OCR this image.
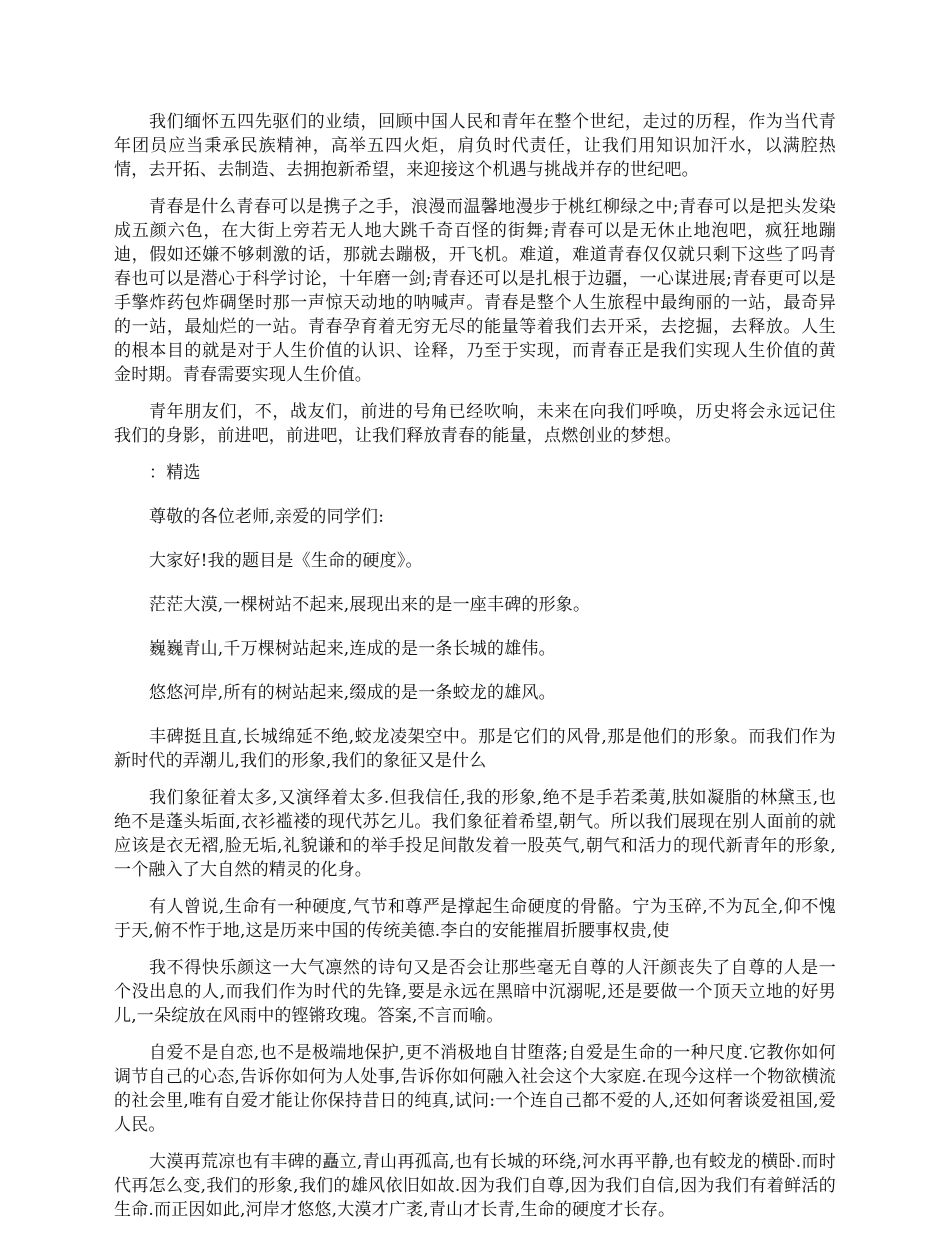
我们缅怀五四先驱们的业绩，回顾中国人民和青年在整个世纪，走过的历程，作为当代青年团员应当秉承民族精神，高举五四火炬，肩负时代责任，让我们用知识加汗水，以满腔热情，去开拓、去制造、去拥抱新希望，来迎接这个机遇与挑战并存的世纪吧。

青春是什么青春可以是携子之手，浪漫而温馨地漫步于桃红柳绿之中;青春可以是把头发染成五颜六色，在大街上旁若无人地大跳千奇百怪的街舞;青春可以是无休止地泡吧，疯狂地蹦迪，假如还嫌不够刺激的话，那就去蹦极，开飞机。难道，难道青春仅仅就只剩下这些了吗青春也可以是潜心于科学讨论，十年磨一剑;青春还可以是扎根于边疆，一心谋进展;青春更可以是手擎炸药包炸碉堡时那一声惊天动地的呐喊声。青春是整个人生旅程中最绚丽的一站，最奇异的一站，最灿烂的一站。青春孕育着无穷无尽的能量等着我们去开采，去挖掘，去释放。人生的根本目的就是对于人生价值的认识、诠释，乃至于实现，而青春正是我们实现人生价值的黄金时期。青春需要实现人生价值。

青年朋友们，不，战友们，前进的号角已经吹响，未来在向我们呼唤，历史将会永远记住我们的身影，前进吧，前进吧，让我们释放青春的能量，点燃创业的梦想。

：精选

尊敬的各位老师,亲爱的同学们:

大家好!我的题目是《生命的硬度》。

茫茫大漠,一棵树站不起来,展现出来的是一座丰碑的形象。

巍巍青山,千万棵树站起来,连成的是一条长城的雄伟。

悠悠河岸,所有的树站起来,缀成的是一条蛟龙的雄风。

丰碑挺且直,长城绵延不绝,蛟龙凌架空中。那是它们的风骨,那是他们的形象。而我们作为新时代的弄潮儿,我们的形象,我们的象征又是什么

我们象征着太多,又演绎着太多.但我信任,我的形象,绝不是手若柔荑,肤如凝脂的林黛玉,也绝不是蓬头垢面,衣衫褴褛的现代苏乞儿。我们象征着希望,朝气。所以我们展现在别人面前的就应该是衣无褶,脸无垢,礼貌谦和的举手投足间散发着一股英气,朝气和活力的现代新青年的形象,一个融入了大自然的精灵的化身。

有人曾说,生命有一种硬度,气节和尊严是撑起生命硬度的骨骼。宁为玉碎,不为瓦全,仰不愧于天,俯不怍于地,这是历来中国的传统美德.李白的安能摧眉折腰事权贵,使

我不得快乐颜这一大气凛然的诗句又是否会让那些毫无自尊的人汗颜丧失了自尊的人是一个没出息的人,而我们作为时代的先锋,要是永远在黑暗中沉溺呢,还是要做一个顶天立地的好男儿,一朵绽放在风雨中的铿锵玫瑰。答案,不言而喻。

自爱不是自恋,也不是极端地保护,更不消极地自甘堕落;自爱是生命的一种尺度.它教你如何调节自己的心态,告诉你如何为人处事,告诉你如何融入社会这个大家庭.在现今这样一个物欲横流的社会里,唯有自爱才能让你保持昔日的纯真,试问:一个连自己都不爱的人,还如何奢谈爱祖国,爱人民。

大漠再荒凉也有丰碑的矗立,青山再孤高,也有长城的环绕,河水再平静,也有蛟龙的横卧.而时代再怎么变,我们的形象,我们的雄风依旧如故.因为我们自尊,因为我们自信,因为我们有着鲜活的生命.而正因如此,河岸才悠悠,大漠才广袤,青山才长青,生命的硬度才长存。
